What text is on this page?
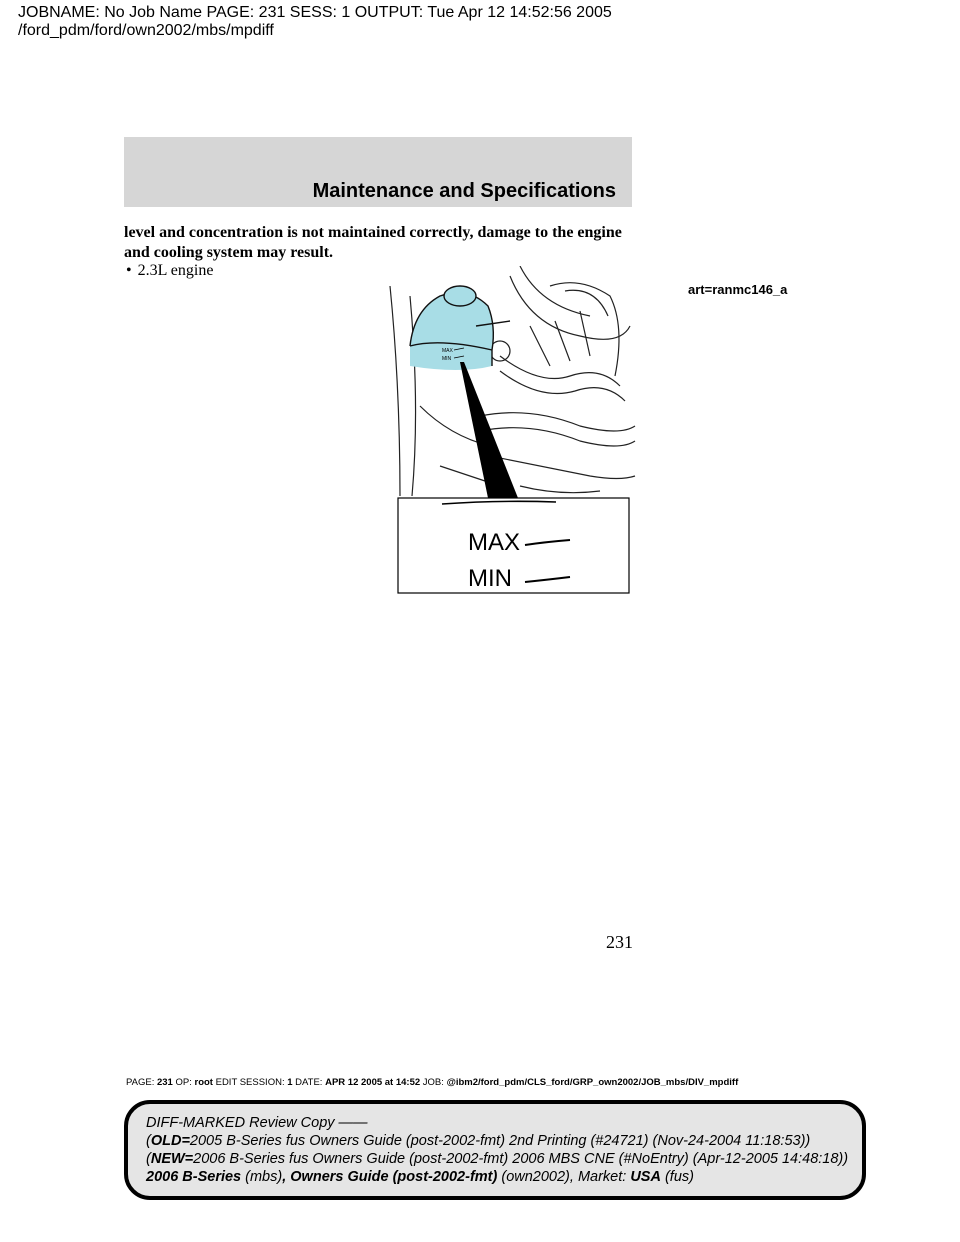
JOBNAME: No Job Name PAGE: 231 SESS: 1 OUTPUT: Tue Apr 12 14:52:56 2005
/ford_pdm/ford/own2002/mbs/mpdiff
Maintenance and Specifications
level and concentration is not maintained correctly, damage to the engine and cooling system may result.
• 2.3L engine
art=ranmc146_a
MAX
MIN
MAX
MIN
231
PAGE: 231 OP: root EDIT SESSION: 1 DATE: APR 12 2005 at 14:52 JOB: @ibm2/ford_pdm/CLS_ford/GRP_own2002/JOB_mbs/DIV_mpdiff
DIFF-MARKED Review Copy ——
(OLD=2005 B-Series fus Owners Guide (post-2002-fmt) 2nd Printing (#24721) (Nov-24-2004 11:18:53))
(NEW=2006 B-Series fus Owners Guide (post-2002-fmt) 2006 MBS CNE (#NoEntry) (Apr-12-2005 14:48:18))
2006 B-Series (mbs), Owners Guide (post-2002-fmt) (own2002), Market: USA (fus)
